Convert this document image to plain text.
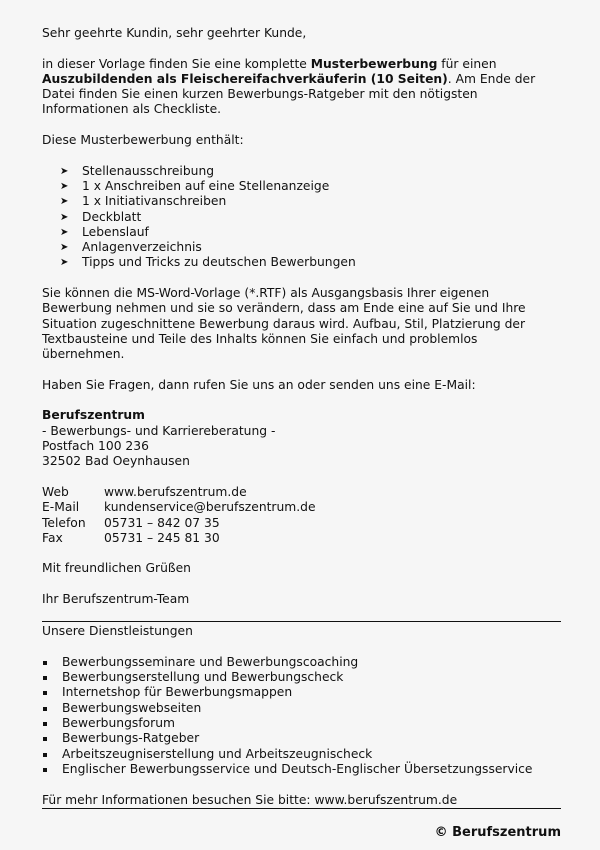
Sehr geehrte Kundin, sehr geehrter Kunde,

in dieser Vorlage finden Sie eine komplette Musterbewerbung für einen Auszubildenden als Fleischereifachverkäuferin (10 Seiten). Am Ende der Datei finden Sie einen kurzen Bewerbungs-Ratgeber mit den nötigsten Informationen als Checkliste.

Diese Musterbewerbung enthält:

➤ Stellenausschreibung
➤ 1 x Anschreiben auf eine Stellenanzeige
➤ 1 x Initiativanschreiben
➤ Deckblatt
➤ Lebenslauf
➤ Anlagenverzeichnis
➤ Tipps und Tricks zu deutschen Bewerbungen

Sie können die MS-Word-Vorlage (*.RTF) als Ausgangsbasis Ihrer eigenen Bewerbung nehmen und sie so verändern, dass am Ende eine auf Sie und Ihre Situation zugeschnittene Bewerbung daraus wird. Aufbau, Stil, Platzierung der Textbausteine und Teile des Inhalts können Sie einfach und problemlos übernehmen.

Haben Sie Fragen, dann rufen Sie uns an oder senden uns eine E-Mail:

Berufszentrum

- Bewerbungs- und Karriereberatung -

Postfach 100 236

32502 Bad Oeynhausen

Web	www.berufszentrum.de
E-Mail	kundenservice@berufszentrum.de
Telefon	05731 – 842 07 35
Fax	05731 – 245 81 30

Mit freundlichen Grüßen

Ihr Berufszentrum-Team

Unsere Dienstleistungen

Bewerbungsseminare und Bewerbungscoaching
Bewerbungserstellung und Bewerbungscheck
Internetshop für Bewerbungsmappen
Bewerbungswebseiten
Bewerbungsforum
Bewerbungs-Ratgeber
Arbeitszeugniserstellung und Arbeitszeugnischeck
Englischer Bewerbungsservice und Deutsch-Englischer Übersetzungsservice

Für mehr Informationen besuchen Sie bitte: www.berufszentrum.de

© Berufszentrum
